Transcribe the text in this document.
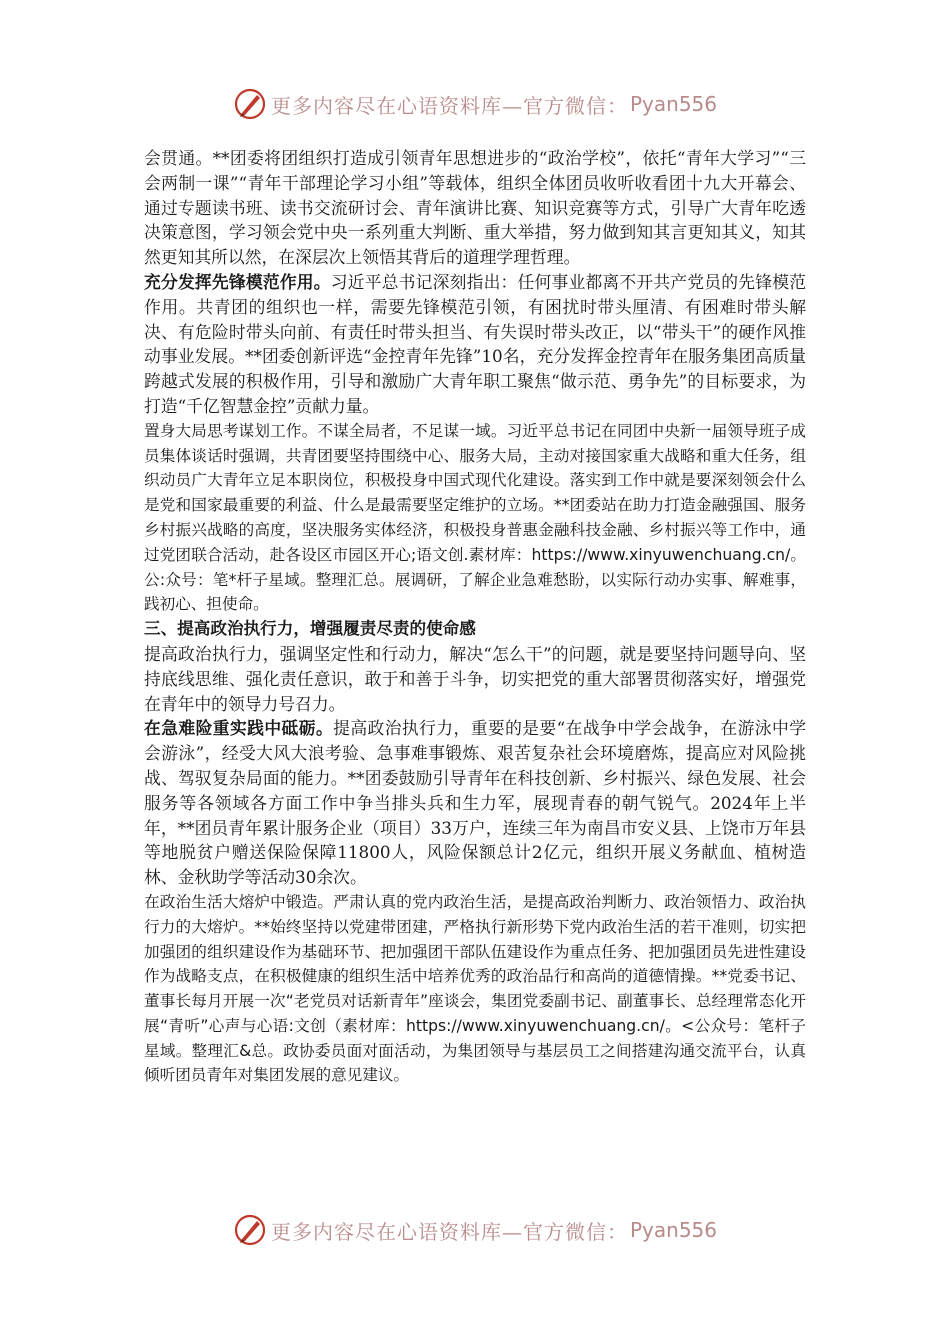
更多内容尽在心语资料库—官方微信： Pyan556

会贯通。**团委将团组织打造成引领青年思想进步的“政治学校”，依托“青年大学习”“三会两制一课”“青年干部理论学习小组”等载体，组织全体团员收听收看团十九大开幕会、通过专题读书班、读书交流研讨会、青年演讲比赛、知识竞赛等方式，引导广大青年吃透决策意图，学习领会党中央一系列重大判断、重大举措，努力做到知其言更知其义，知其然更知其所以然，在深层次上领悟其背后的道理学理哲理。

充分发挥先锋模范作用。习近平总书记深刻指出：任何事业都离不开共产党员的先锋模范作用。共青团的组织也一样，需要先锋模范引领，有困扰时带头厘清、有困难时带头解决、有危险时带头向前、有责任时带头担当、有失误时带头改正，以“带头干”的硬作风推动事业发展。**团委创新评选“金控青年先锋”10名，充分发挥金控青年在服务集团高质量跨越式发展的积极作用，引导和激励广大青年职工聚焦“做示范、勇争先”的目标要求，为打造“千亿智慧金控”贡献力量。

置身大局思考谋划工作。不谋全局者，不足谋一域。习近平总书记在同团中央新一届领导班子成员集体谈话时强调，共青团要坚持围绕中心、服务大局，主动对接国家重大战略和重大任务，组织动员广大青年立足本职岗位，积极投身中国式现代化建设。落实到工作中就是要深刻领会什么是党和国家最重要的利益、什么是最需要坚定维护的立场。**团委站在助力打造金融强国、服务乡村振兴战略的高度，坚决服务实体经济，积极投身普惠金融科技金融、乡村振兴等工作中，通过党团联合活动，赴各设区市园区开心;语文创.素材库：https://www.xinyuwenchuang.cn/。公:众号：笔*杆子星域。整理汇总。展调研，了解企业急难愁盼，以实际行动办实事、解难事，践初心、担使命。

三、提高政治执行力，增强履责尽责的使命感

提高政治执行力，强调坚定性和行动力，解决“怎么干”的问题，就是要坚持问题导向、坚持底线思维、强化责任意识，敢于和善于斗争，切实把党的重大部署贯彻落实好，增强党在青年中的领导力号召力。

在急难险重实践中砥砺。提高政治执行力，重要的是要“在战争中学会战争，在游泳中学会游泳”，经受大风大浪考验、急事难事锻炼、艰苦复杂社会环境磨炼，提高应对风险挑战、驾驭复杂局面的能力。**团委鼓励引导青年在科技创新、乡村振兴、绿色发展、社会服务等各领域各方面工作中争当排头兵和生力军，展现青春的朝气锐气。2024年上半年，**团员青年累计服务企业（项目）33万户，连续三年为南昌市安义县、上饶市万年县等地脱贫户赠送保险保障11800人，风险保额总计2亿元，组织开展义务献血、植树造林、金秋助学等活动30余次。

在政治生活大熔炉中锻造。严肃认真的党内政治生活，是提高政治判断力、政治领悟力、政治执行力的大熔炉。**始终坚持以党建带团建，严格执行新形势下党内政治生活的若干准则，切实把加强团的组织建设作为基础环节、把加强团干部队伍建设作为重点任务、把加强团员先进性建设作为战略支点，在积极健康的组织生活中培养优秀的政治品行和高尚的道德情操。**党委书记、董事长每月开展一次“老党员对话新青年”座谈会，集团党委副书记、副董事长、总经理常态化开展“青听”心声与心语:文创（素材库：https://www.xinyuwenchuang.cn/。<公众号：笔杆子星域。整理汇&总。政协委员面对面活动，为集团领导与基层员工之间搭建沟通交流平台，认真倾听团员青年对集团发展的意见建议。

更多内容尽在心语资料库—官方微信： Pyan556
